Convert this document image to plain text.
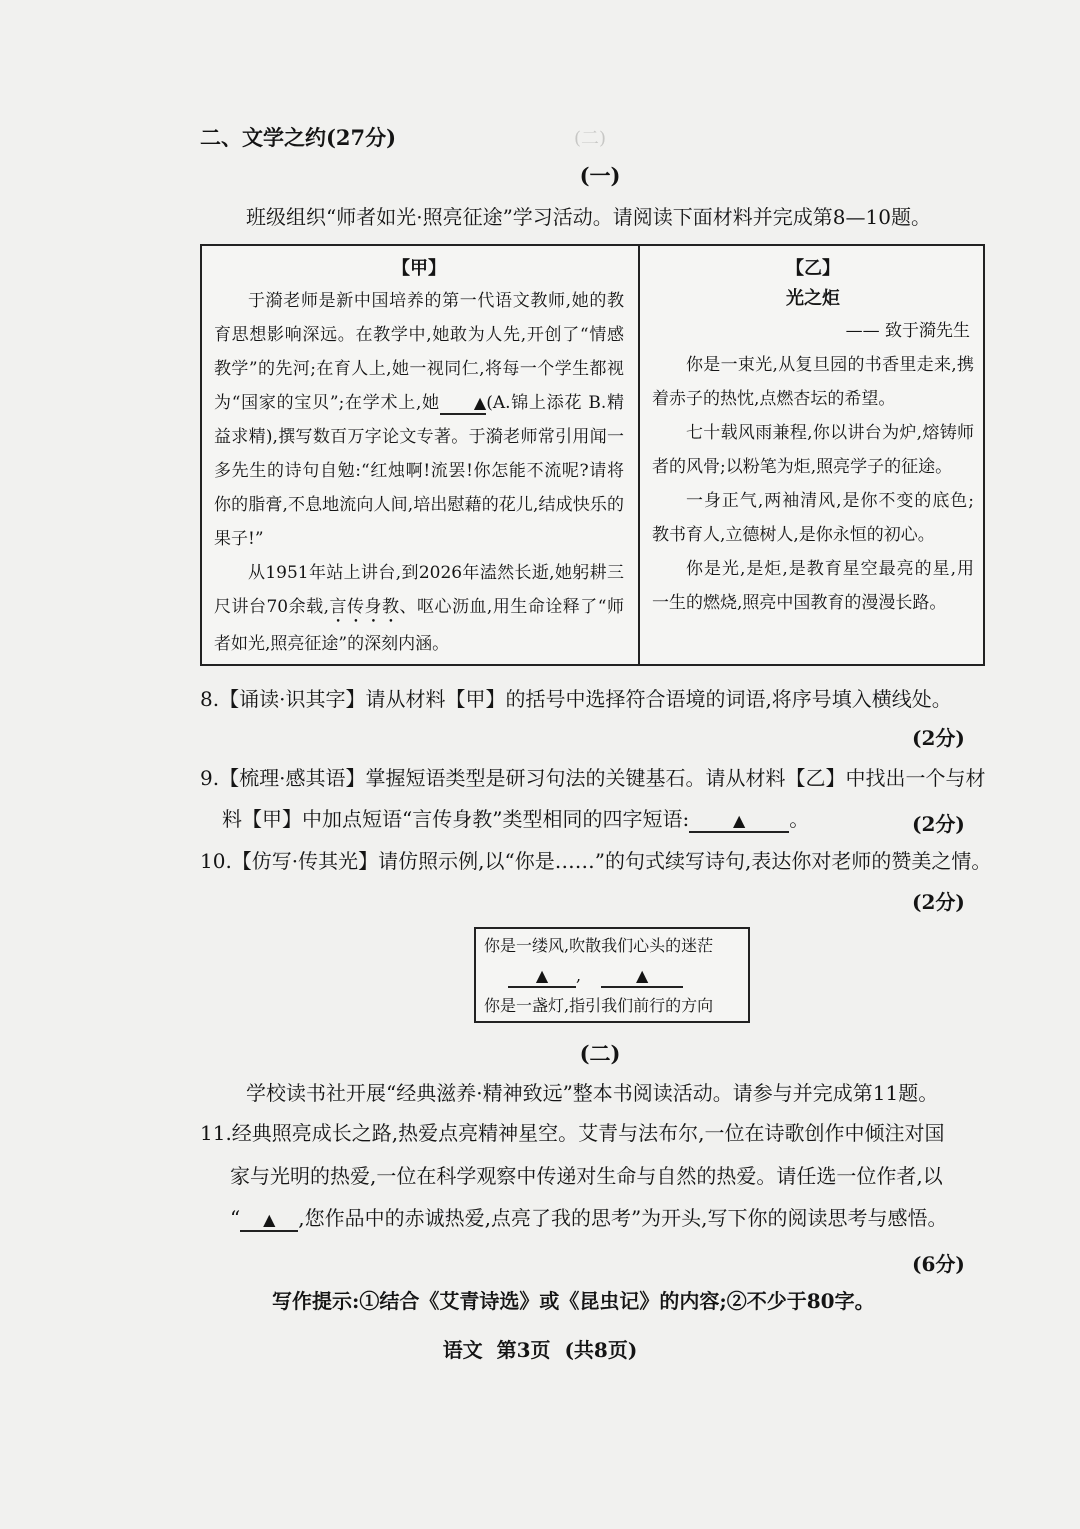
(二)
二、文学之约(27分)
(一)
班级组织“师者如光·照亮征途”学习活动。请阅读下面材料并完成第8—10题。
【甲】

于漪老师是新中国培养的第一代语文教师,她的教育思想影响深远。在教学中,她敢为人先,开创了“情感教学”的先河;在育人上,她一视同仁,将每一个学生都视为“国家的宝贝”;在学术上,她 ▲(A.锦上添花 B.精益求精),撰写数百万字论文专著。于漪老师常引用闻一多先生的诗句自勉:“红烛啊!流罢!你怎能不流呢?请将你的脂膏,不息地流向人间,培出慰藉的花儿,结成快乐的果子!”

从1951年站上讲台,到2026年溘然长逝,她躬耕三尺讲台70余载,言传身教、呕心沥血,用生命诠释了“师者如光,照亮征途”的深刻内涵。

【乙】
光之炬
—— 致于漪先生

你是一束光,从复旦园的书香里走来,携着赤子的热忱,点燃杏坛的希望。

七十载风雨兼程,你以讲台为炉,熔铸师者的风骨;以粉笔为炬,照亮学子的征途。

一身正气,两袖清风,是你不变的底色;教书育人,立德树人,是你永恒的初心。

你是光,是炬,是教育星空最亮的星,用一生的燃烧,照亮中国教育的漫漫长路。

8.【诵读·识其字】请从材料【甲】的括号中选择符合语境的词语,将序号填入横线处。
(2分)
9.【梳理·感其语】掌握短语类型是研习句法的关键基石。请从材料【乙】中找出一个与材
料【甲】中加点短语“言传身教”类型相同的四字短语:	▲ 。	(2分)
10.【仿写·传其光】请仿照示例,以“你是……”的句式续写诗句,表达你对老师的赞美之情。
(2分)
你是一缕风,吹散我们心头的迷茫
▲ ,	▲
你是一盏灯,指引我们前行的方向
(二)
学校读书社开展“经典滋养·精神致远”整本书阅读活动。请参与并完成第11题。
11.经典照亮成长之路,热爱点亮精神星空。艾青与法布尔,一位在诗歌创作中倾注对国
家与光明的热爱,一位在科学观察中传递对生命与自然的热爱。请任选一位作者,以
“ ▲ ,您作品中的赤诚热爱,点亮了我的思考”为开头,写下你的阅读思考与感悟。
(6分)
写作提示:①结合《艾青诗选》或《昆虫记》的内容;②不少于80字。
语文  第3页  (共8页)
